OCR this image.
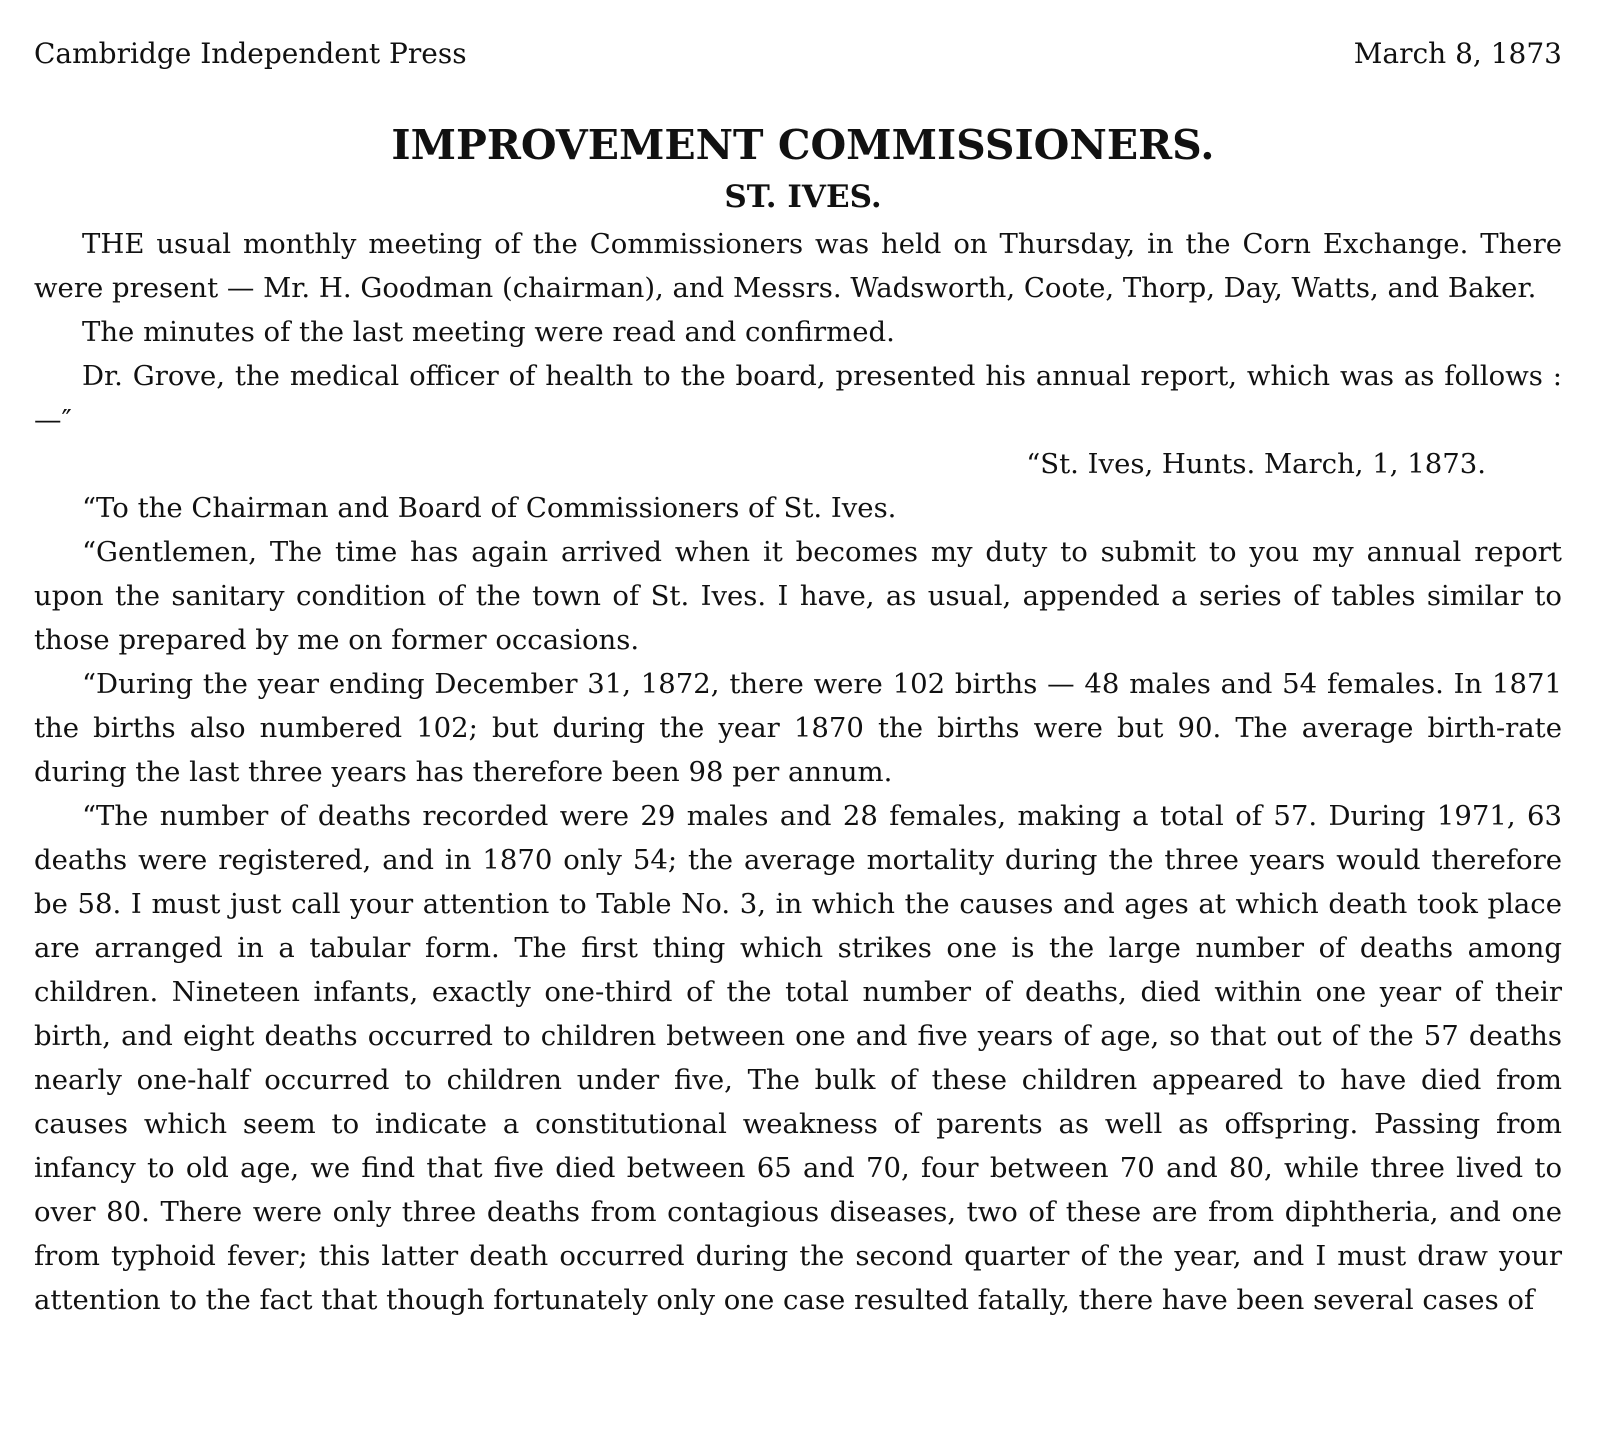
Cambridge Independent Press	March 8, 1873
IMPROVEMENT COMMISSIONERS.
ST. IVES.

THE usual monthly meeting of the Commissioners was held on Thursday, in the Corn Exchange. There were present — Mr. H. Goodman (chairman), and Messrs. Wadsworth, Coote, Thorp, Day, Watts, and Baker.

The minutes of the last meeting were read and confirmed.

Dr. Grove, the medical officer of health to the board, presented his annual report, which was as follows : —″

“St. Ives, Hunts. March, 1, 1873.

“To the Chairman and Board of Commissioners of St. Ives.

“Gentlemen, The time has again arrived when it becomes my duty to submit to you my annual report upon the sanitary condition of the town of St. Ives. I have, as usual, appended a series of tables similar to those prepared by me on former occasions.

“During the year ending December 31, 1872, there were 102 births — 48 males and 54 females. In 1871 the births also numbered 102; but during the year 1870 the births were but 90. The average birth-rate during the last three years has therefore been 98 per annum.

“The number of deaths recorded were 29 males and 28 females, making a total of 57. During 1971, 63 deaths were registered, and in 1870 only 54; the average mortality during the three years would therefore be 58. I must just call your attention to Table No. 3, in which the causes and ages at which death took place are arranged in a tabular form. The first thing which strikes one is the large number of deaths among children. Nineteen infants, exactly one-third of the total number of deaths, died within one year of their birth, and eight deaths occurred to children between one and five years of age, so that out of the 57 deaths nearly one-half occurred to children under five, The bulk of these children appeared to have died from causes which seem to indicate a constitutional weakness of parents as well as offspring. Passing from infancy to old age, we find that five died between 65 and 70, four between 70 and 80, while three lived to over 80. There were only three deaths from contagious diseases, two of these are from diphtheria, and one from typhoid fever; this latter death occurred during the second quarter of the year, and I must draw your attention to the fact that though fortunately only one case resulted fatally, there have been several cases of
